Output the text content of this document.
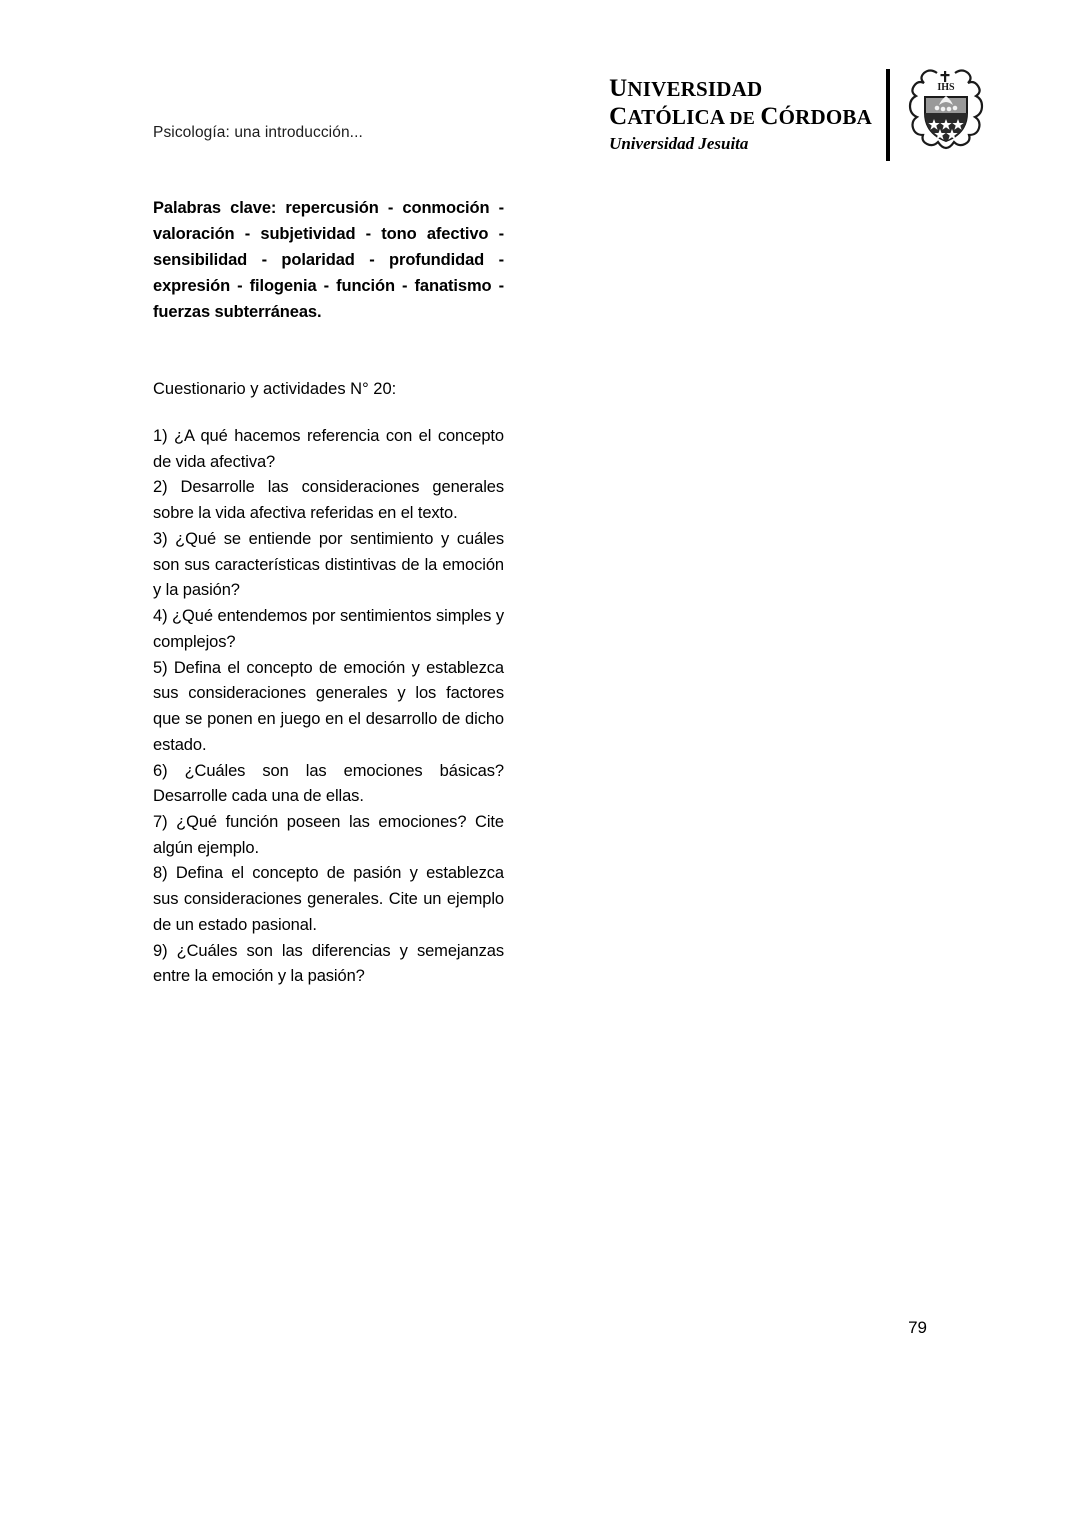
Psicología: una introducción...
UNIVERSIDAD
CATÓLICA DE CÓRDOBA
Universidad Jesuita
IHS

Palabras clave: repercusión - conmoción - valoración - subjetividad - tono afectivo - sensibilidad - polaridad - profundidad - expresión - filogenia - función - fanatismo - fuerzas subterráneas.

Cuestionario y actividades N° 20:

1) ¿A qué hacemos referencia con el concepto de vida afectiva?
2) Desarrolle las consideraciones generales sobre la vida afectiva referidas en el texto.
3) ¿Qué se entiende por sentimiento y cuáles son sus características distintivas de la emoción y la pasión?
4) ¿Qué entendemos por sentimientos simples y complejos?
5) Defina el concepto de emoción y establezca sus consideraciones generales y los factores que se ponen en juego en el desarrollo de dicho estado.
6) ¿Cuáles son las emociones básicas? Desarrolle cada una de ellas.
7) ¿Qué función poseen las emociones? Cite algún ejemplo.
8) Defina el concepto de pasión y establezca sus consideraciones generales. Cite un ejemplo de un estado pasional.
9) ¿Cuáles son las diferencias y semejanzas entre la emoción y la pasión?
79
